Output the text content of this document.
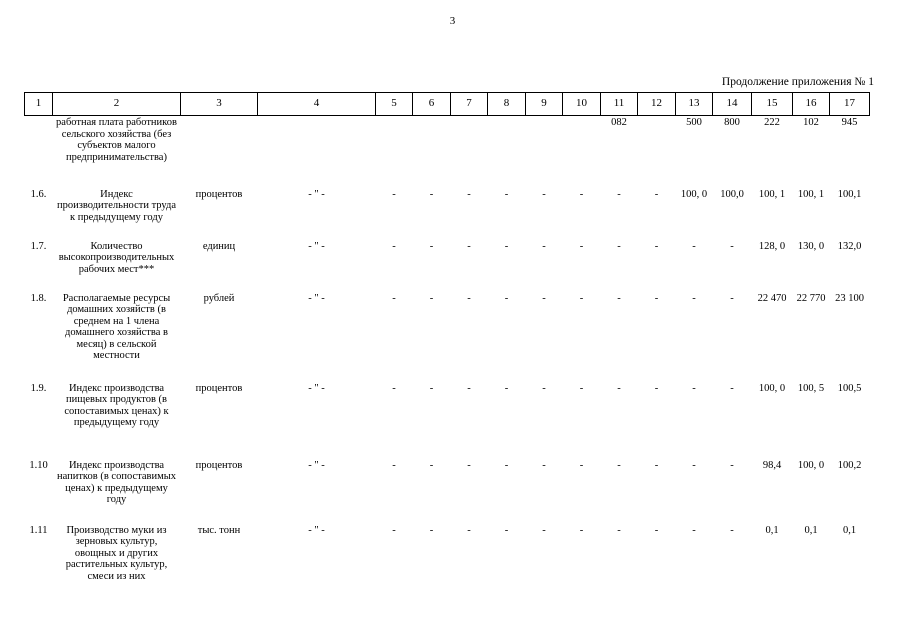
3
Продолжение приложения № 1
1	2	3	4	5	6	7	8	9	10	11	12	13	14	15	16	17
	работная плата работников сельского хозяйства (без субъектов малого предпринимательства)									082		500	800	222	102	945
1.6.	Индекс производительности труда к предыдущему году	процентов	- " -	-	-	-	-	-	-	-	-	100, 0	100,0	100, 1	100, 1	100,1
1.7.	Количество высокопроизводительных рабочих мест***	единиц	- " -	-	-	-	-	-	-	-	-	-	-	128, 0	130, 0	132,0
1.8.	Располагаемые ресурсы домашних хозяйств (в среднем на 1 члена домашнего хозяйства в месяц) в сельской местности	рублей	- " -	-	-	-	-	-	-	-	-	-	-	22 470	22 770	23 100
1.9.	Индекс производства пищевых продуктов (в сопоставимых ценах) к предыдущему году	процентов	- " -	-	-	-	-	-	-	-	-	-	-	100, 0	100, 5	100,5
1.10	Индекс производства напитков (в сопоставимых ценах) к предыдущему году	процентов	- " -	-	-	-	-	-	-	-	-	-	-	98,4	100, 0	100,2
1.11	Производство муки из зерновых культур, овощных и других растительных культур, смеси из них	тыс. тонн	- " -	-	-	-	-	-	-	-	-	-	-	0,1	0,1	0,1
